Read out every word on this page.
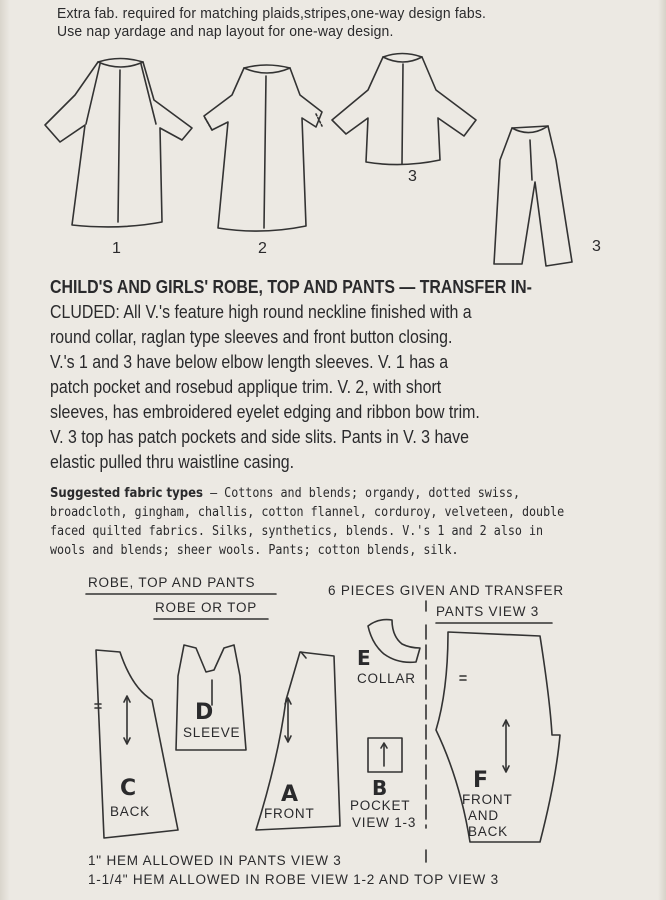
Extra fab. required for matching plaids,stripes,one-way design fabs.
Use nap yardage and nap layout for one-way design.
1	2
3
3
CHILD'S AND GIRLS' ROBE, TOP AND PANTS — TRANSFER IN-
CLUDED: All V.'s feature high round neckline finished with a
round collar, raglan type sleeves and front button closing.
V.'s 1 and 3 have below elbow length sleeves. V. 1 has a
patch pocket and rosebud applique trim. V. 2, with short
sleeves, has embroidered eyelet edging and ribbon bow trim.
V. 3 top has patch pockets and side slits. Pants in V. 3 have
elastic pulled thru waistline casing.
Suggested fabric types — Cottons and blends; organdy, dotted swiss,
broadcloth, gingham, challis, cotton flannel, corduroy, velveteen, double
faced quilted fabrics. Silks, synthetics, blends. V.'s 1 and 2 also in
wools and blends; sheer wools. Pants; cotton blends, silk.
ROBE, TOP AND PANTS
ROBE OR TOP
6 PIECES GIVEN AND TRANSFER
PANTS VIEW 3
C
BACK
D
SLEEVE
A
FRONT
E
COLLAR
B
POCKET
VIEW 1-3
F
FRONT
AND
BACK
1" HEM ALLOWED IN PANTS VIEW 3
1-1/4" HEM ALLOWED IN ROBE VIEW 1-2 AND TOP VIEW 3
